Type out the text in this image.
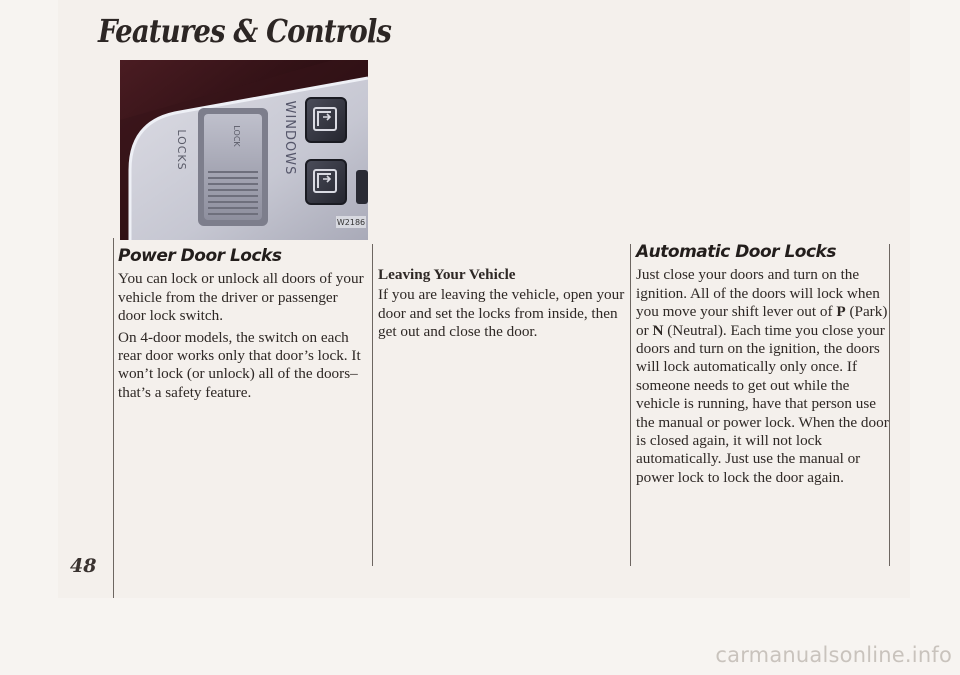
Features & Controls
LOCKS	LOCK	WINDOWS
W2186
48
Power Door Locks

You can lock or unlock all doors of your vehicle from the driver or passenger door lock switch.

On 4-door models, the switch on each rear door works only that door’s lock. It won’t lock (or unlock) all of the doors–that’s a safety feature.

Leaving Your Vehicle

If you are leaving the vehicle, open your door and set the locks from inside, then get out and close the door.

Automatic Door Locks

Just close your doors and turn on the ignition. All of the doors will lock when you move your shift lever out of P (Park) or N (Neutral). Each time you close your doors and turn on the ignition, the doors will lock automatically only once. If someone needs to get out while the vehicle is running, have that person use the manual or power lock. When the door is closed again, it will not lock automatically. Just use the manual or power lock to lock the door again.

carmanualsonline.info
